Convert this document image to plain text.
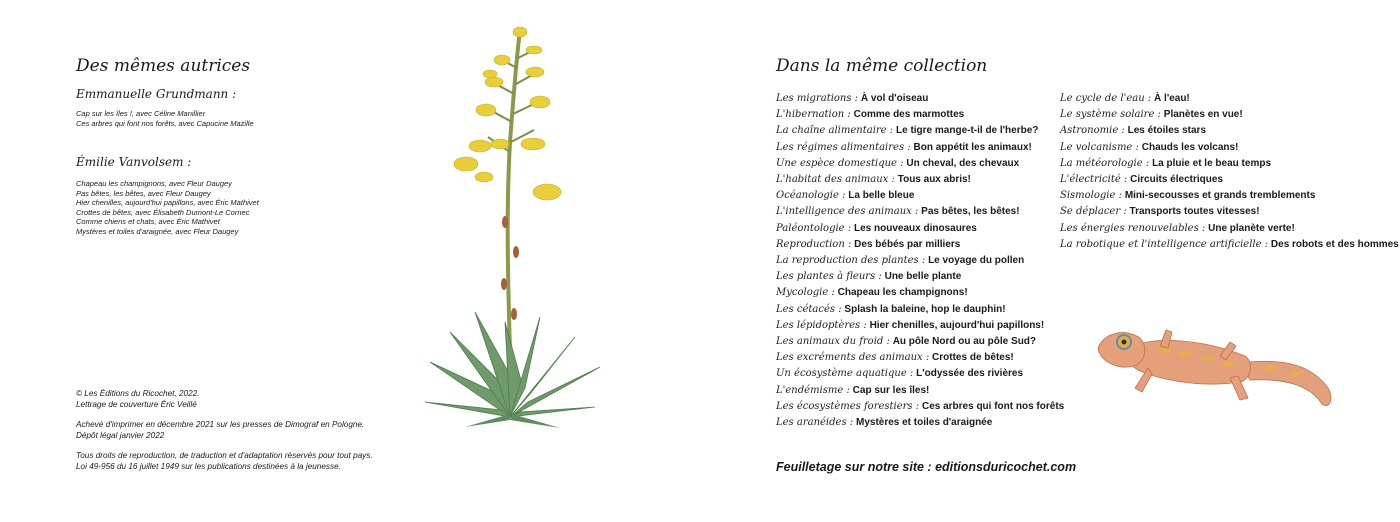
Des mêmes autrices

Emmanuelle Grundmann :

Cap sur les îles !, avec Céline Manillier
Ces arbres qui font nos forêts, avec Capucine Mazille

Émilie Vanvolsem :

Chapeau les champignons, avec Fleur Daugey
Pas bêtes, les bêtes, avec Fleur Daugey
Hier chenilles, aujourd'hui papillons, avec Éric Mathivet
Crottes de bêtes, avec Élisabeth Dumont-Le Cornec
Comme chiens et chats, avec Éric Mathivet
Mystères et toiles d'araignée, avec Fleur Daugey

© Les Éditions du Ricochet, 2022.
Lettrage de couverture Éric Veillé

Achevé d'imprimer en décembre 2021 sur les presses de Dimograf en Pologne.
Dépôt légal janvier 2022

Tous droits de reproduction, de traduction et d'adaptation réservés pour tout pays.
Loi 49-956 du 16 juillet 1949 sur les publications destinées à la jeunesse.

Dans la même collection
Les migrations : À vol d'oiseau
L'hibernation : Comme des marmottes
La chaîne alimentaire : Le tigre mange-t-il de l'herbe?
Les régimes alimentaires : Bon appétit les animaux!
Une espèce domestique : Un cheval, des chevaux
L'habitat des animaux : Tous aux abris!
Océanologie : La belle bleue
L'intelligence des animaux : Pas bêtes, les bêtes!
Paléontologie : Les nouveaux dinosaures
Reproduction : Des bébés par milliers
La reproduction des plantes : Le voyage du pollen
Les plantes à fleurs : Une belle plante
Mycologie : Chapeau les champignons!
Les cétacés : Splash la baleine, hop le dauphin!
Les lépidoptères : Hier chenilles, aujourd'hui papillons!
Les animaux du froid : Au pôle Nord ou au pôle Sud?
Les excréments des animaux : Crottes de bêtes!
Un écosystème aquatique : L'odyssée des rivières
L'endémisme : Cap sur les îles!
Les écosystèmes forestiers : Ces arbres qui font nos forêts
Les aranéides : Mystères et toiles d'araignée
Le cycle de l'eau : À l'eau!
Le système solaire : Planètes en vue!
Astronomie : Les étoiles stars
Le volcanisme : Chauds les volcans!
La météorologie : La pluie et le beau temps
L'électricité : Circuits électriques
Sismologie : Mini-secousses et grands tremblements
Se déplacer : Transports toutes vitesses!
Les énergies renouvelables : Une planète verte!
La robotique et l'intelligence artificielle : Des robots et des hommes
Feuilletage sur notre site : editionsduricochet.com
